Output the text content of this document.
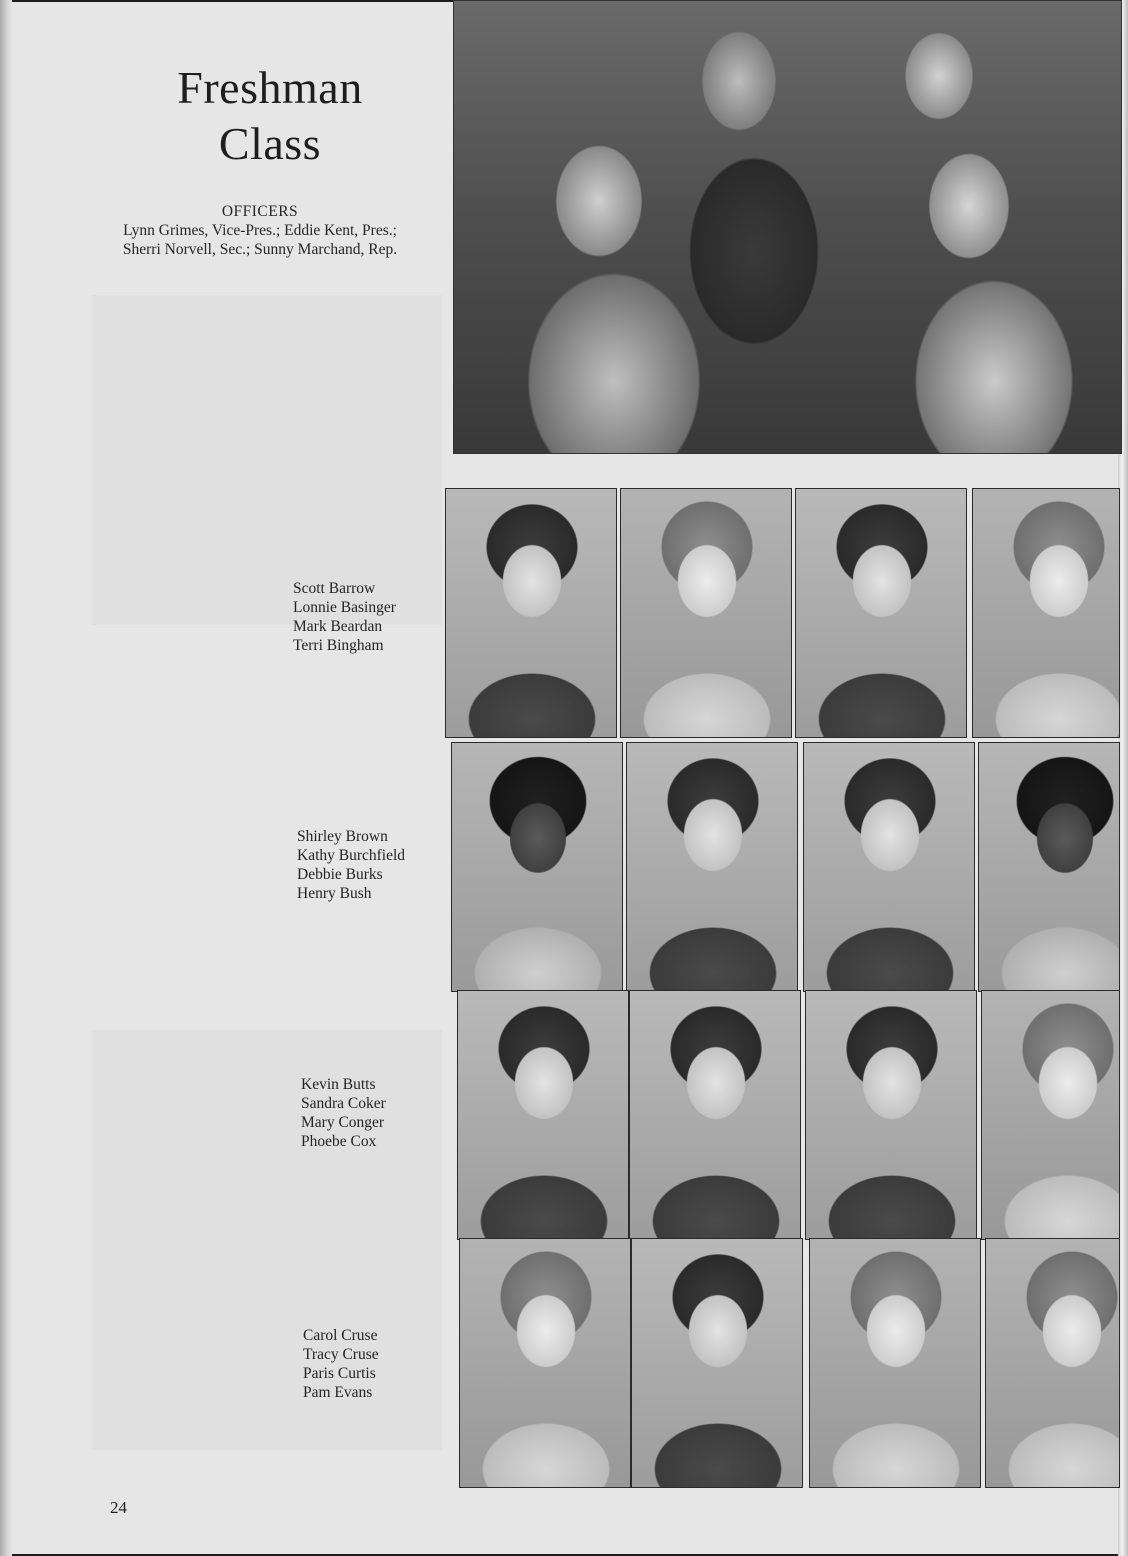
Freshman
Class
OFFICERS
Lynn Grimes, Vice-Pres.; Eddie Kent, Pres.;
Sherri Norvell, Sec.; Sunny Marchand, Rep.
Scott Barrow
Lonnie Basinger
Mark Beardan
Terri Bingham
Shirley Brown
Kathy Burchfield
Debbie Burks
Henry Bush
Kevin Butts
Sandra Coker
Mary Conger
Phoebe Cox
Carol Cruse
Tracy Cruse
Paris Curtis
Pam Evans
24
